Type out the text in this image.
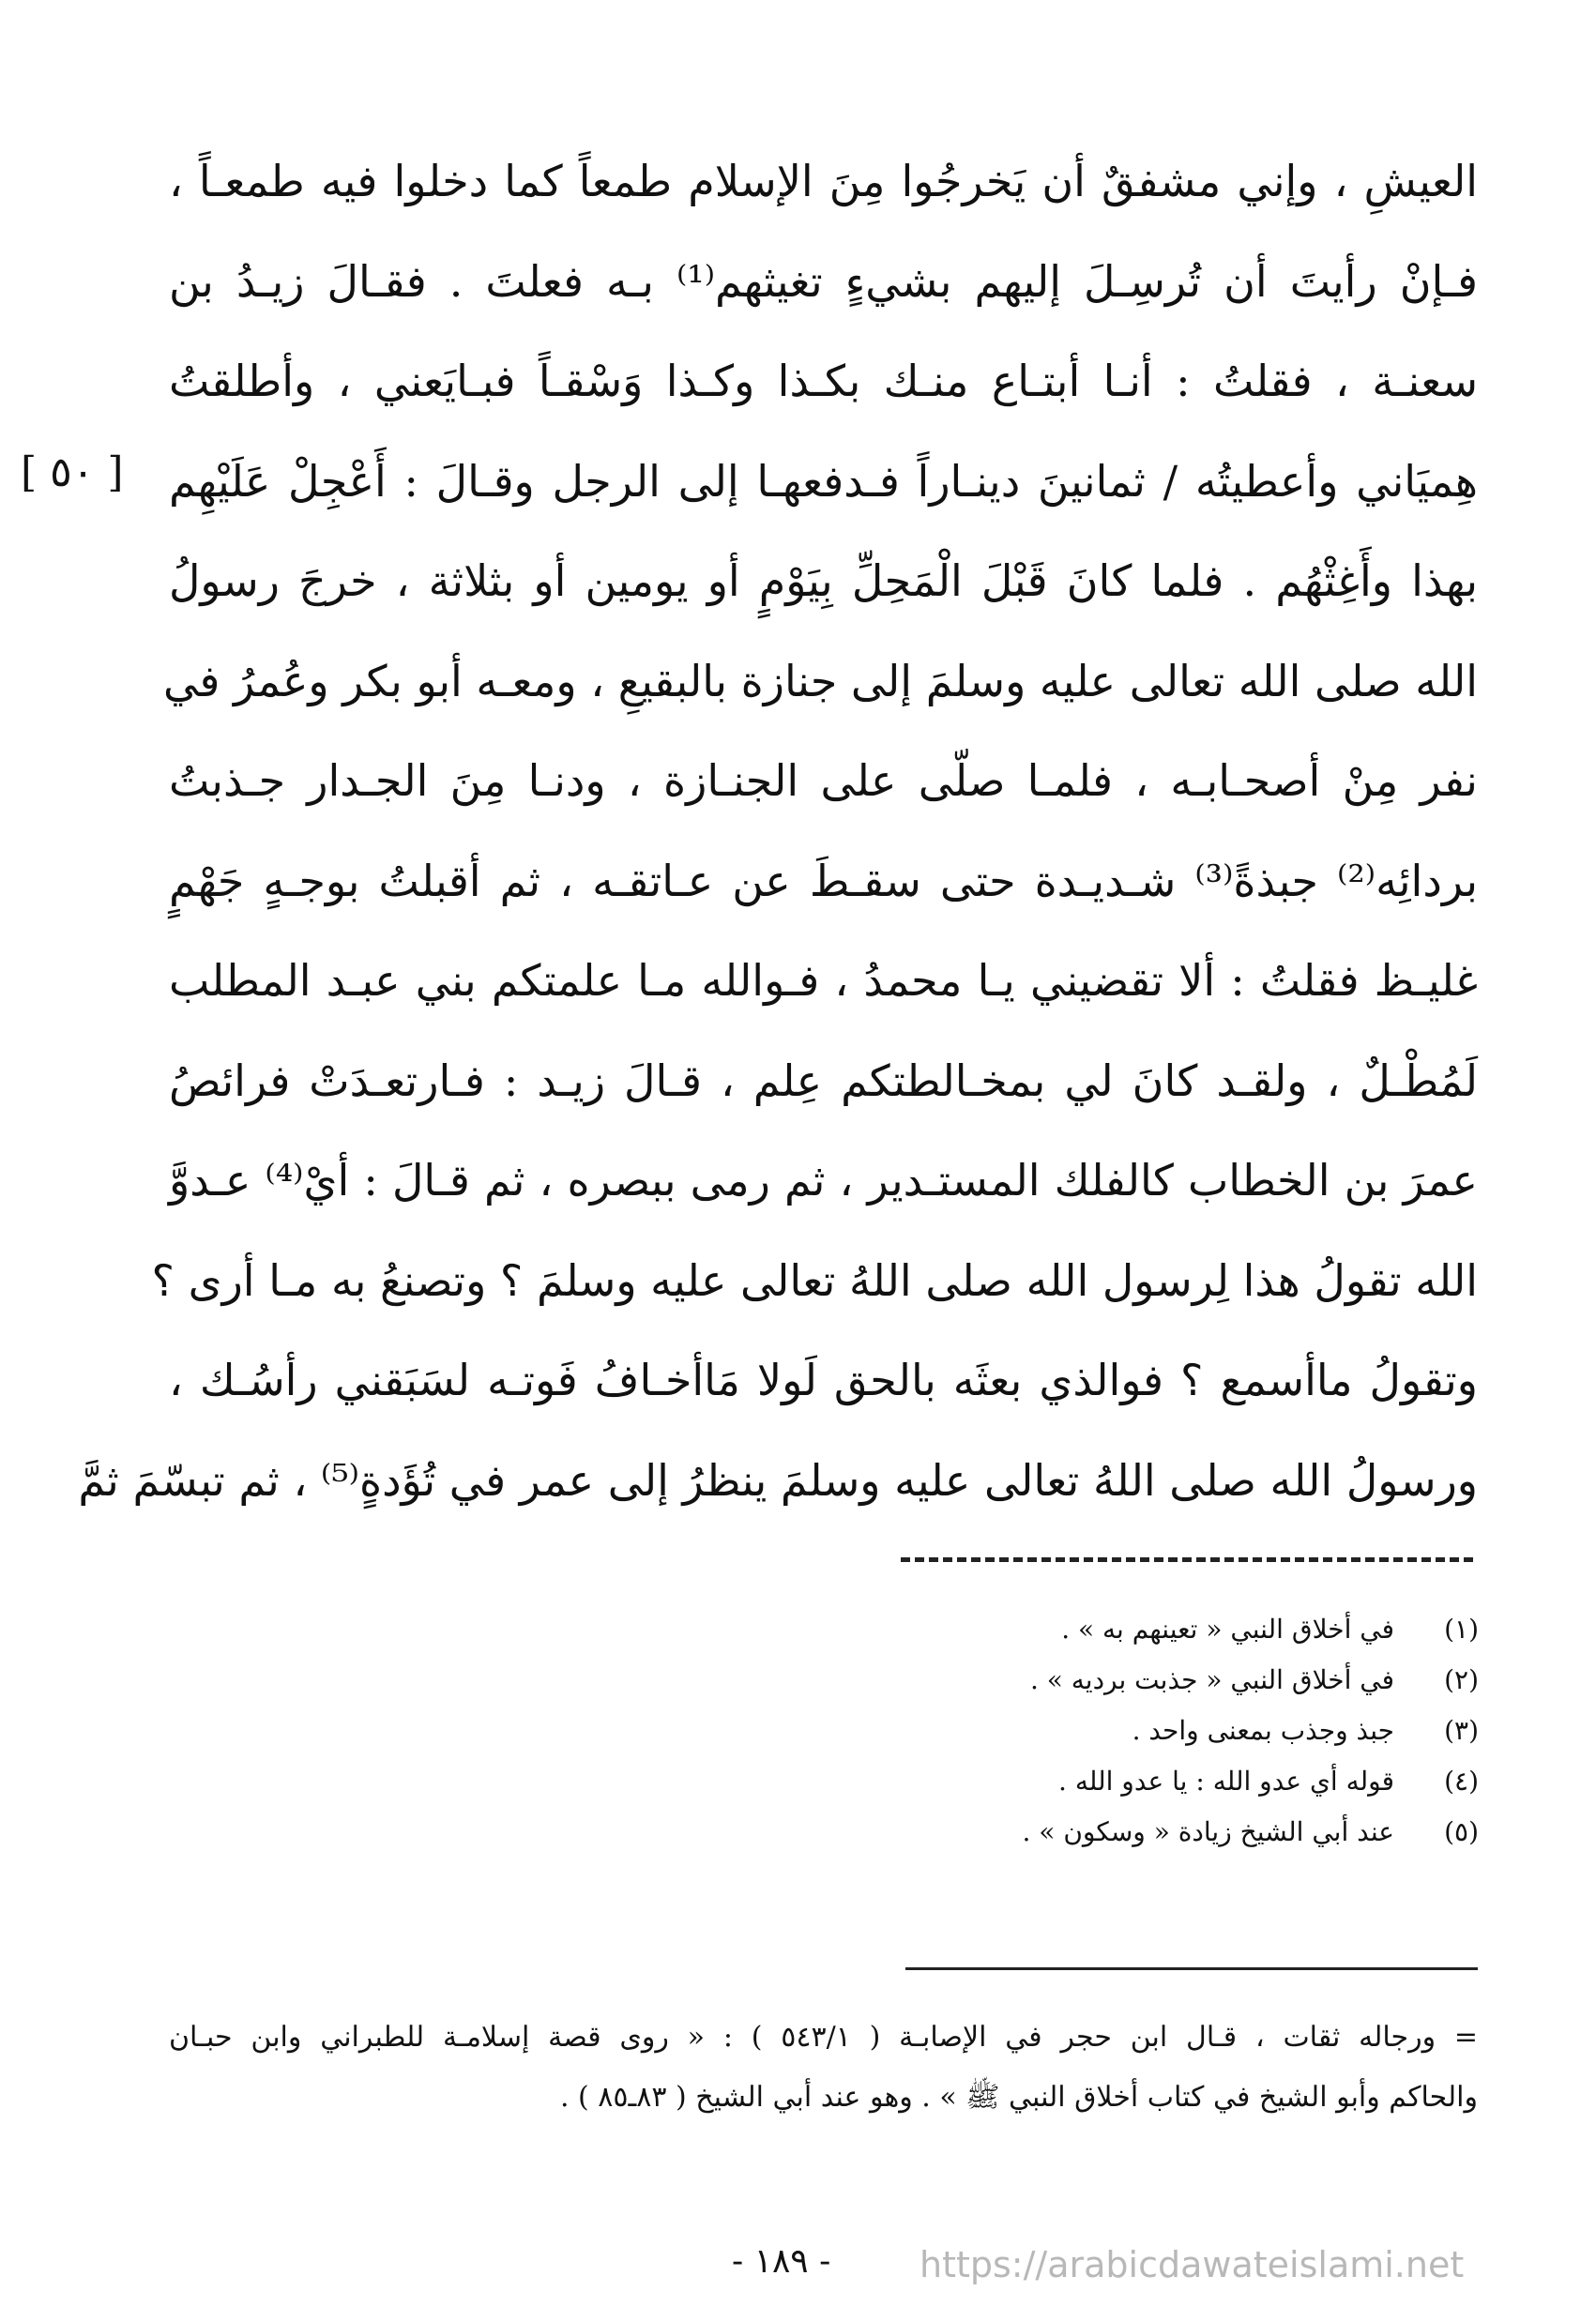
العيشِ ، وإني مشفقٌ أن يَخرجُوا مِنَ الإسلام طمعاً كما دخلوا فيه طمعـاً ،
فـإنْ رأيتَ أن تُرسِـلَ إليهم بشيءٍ تغيثهم⁽¹⁾ بـه فعلتَ . فقـالَ زيـدُ بن
سعنـة ، فقلتُ : أنـا أبتـاع منـك بكـذا وكـذا وَسْقـاً فبـايَعني ، وأطلقتُ
هِميَاني وأعطيتُه / ثمانينَ دينـاراً فـدفعهـا إلى الرجل وقـالَ : أَعْجِلْ عَلَيْهِم
بهذا وأَغِثْهُم . فلما كانَ قَبْلَ الْمَحِلِّ بِيَوْمٍ أو يومين أو بثلاثة ، خرجَ رسولُ
الله صلى الله تعالى عليه وسلمَ إلى جنازة بالبقيعِ ، ومعـه أبو بكر وعُمرُ في
نفر مِنْ أصحـابـه ، فلمـا صلّى على الجنـازة ، ودنـا مِنَ الجـدار جـذبتُ
بردائِه⁽²⁾ جبذةً⁽³⁾ شـديـدة حتى سقـطَ عن عـاتقـه ، ثم أقبلتُ بوجـهٍ جَهْمٍ
غليـظ فقلتُ : ألا تقضيني يـا محمدُ ، فـوالله مـا علمتكم بني عبـد المطلب
لَمُطْـلٌ ، ولقـد كانَ لي بمخـالطتكم عِلم ، قـالَ زيـد : فـارتعـدَتْ فرائصُ
عمرَ بن الخطاب كالفلك المستـدير ، ثم رمى ببصره ، ثم قـالَ : أيْ⁽⁴⁾ عـدوَّ
الله تقولُ هذا لِرسول الله صلى اللهُ تعالى عليه وسلمَ ؟ وتصنعُ به مـا أرى ؟
وتقولُ ماأسمع ؟ فوالذي بعثَه بالحق لَولا مَاأخـافُ فَوتـه لسَبَقني رأسُـك ،
ورسولُ الله صلى اللهُ تعالى عليه وسلمَ ينظرُ إلى عمر في تُؤَدةٍ⁽⁵⁾ ، ثم تبسّمَ ثمَّ
[ ٥٠ ]
(١)
في أخلاق النبي « تعينهم به » .
(٢)
في أخلاق النبي « جذبت برديه » .
(٣)
جبذ وجذب بمعنى واحد .
(٤)
قوله أي عدو الله : يا عدو الله .
(٥)
عند أبي الشيخ زيادة « وسكون » .
= ورجاله ثقات ، قـال ابن حجر في الإصابـة ( ٥٤٣/١ ) : « روى قصة إسلامـة للطبراني وابن حبـان
والحاكم وأبو الشيخ في كتاب أخلاق النبي ﷺ » . وهو عند أبي الشيخ ( ٨٣ـ٨٥ ) .
- ١٨٩ - https://arabicdawateislami.net
